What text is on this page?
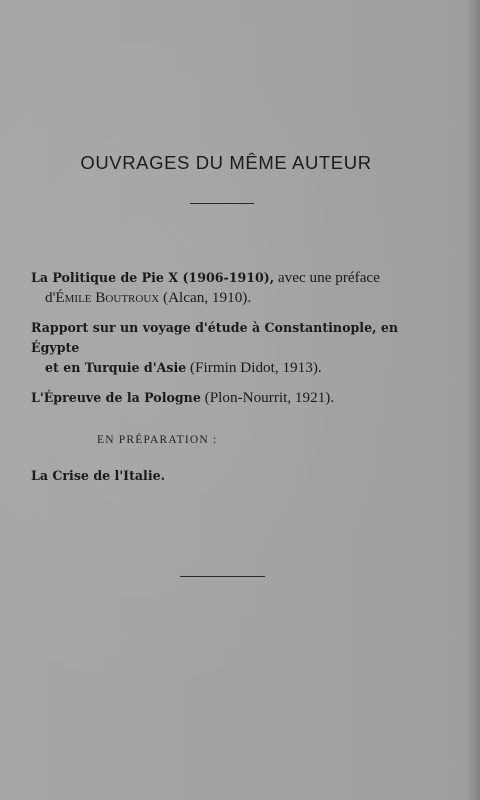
OUVRAGES DU MÊME AUTEUR
La Politique de Pie X (1906-1910), avec une préface
d'Émile Boutroux (Alcan, 1910).
Rapport sur un voyage d'étude à Constantinople, en Égypte
et en Turquie d'Asie (Firmin Didot, 1913).
L'Épreuve de la Pologne (Plon-Nourrit, 1921).
EN PRÉPARATION :
La Crise de l'Italie.
